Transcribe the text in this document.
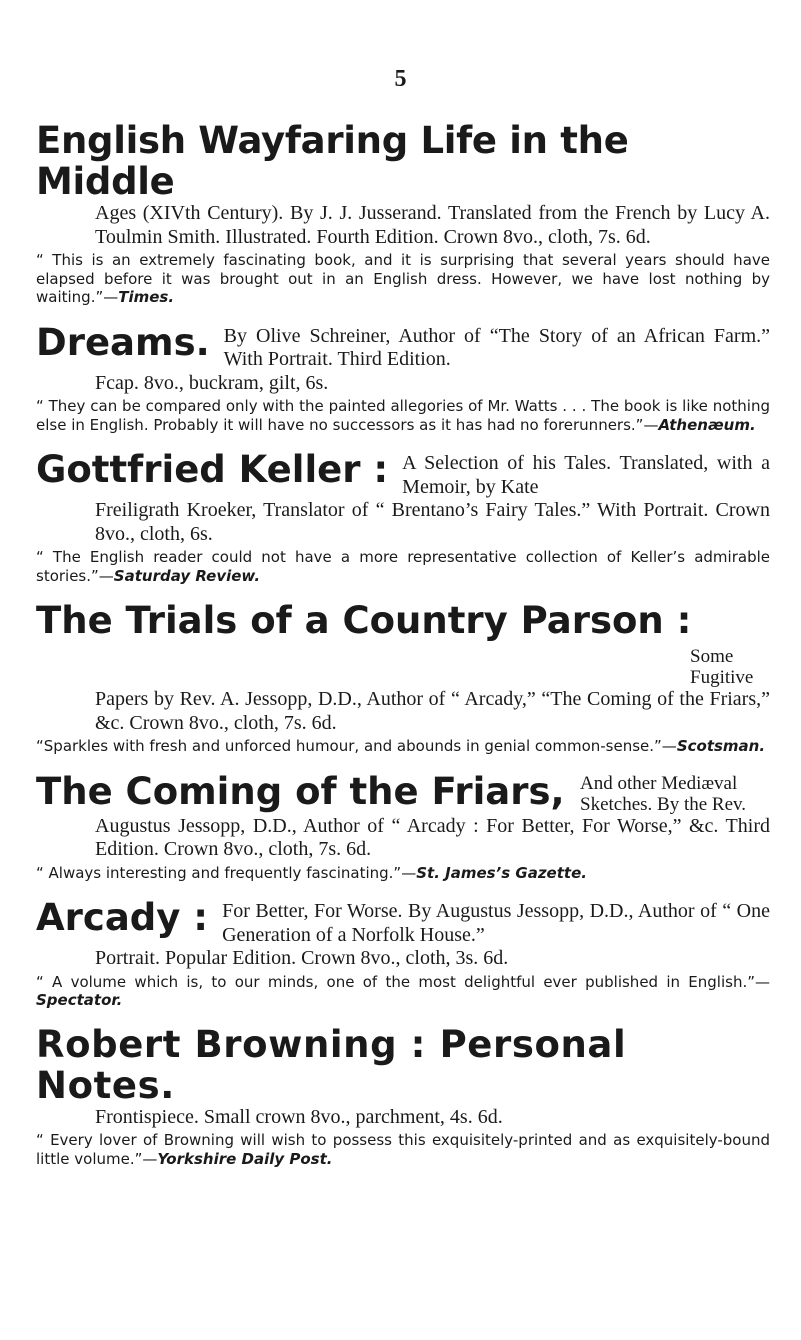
5
English Wayfaring Life in the Middle
Ages (XIVth Century). By J. J. Jusserand. Translated from the French by Lucy A. Toulmin Smith. Illustrated. Fourth Edition. Crown 8vo., cloth, 7s. 6d.
“ This is an extremely fascinating book, and it is surprising that several years should have elapsed before it was brought out in an English dress. However, we have lost nothing by waiting.”—Times.
Dreams. By Olive Schreiner, Author of “The Story of an African Farm.” With Portrait. Third Edition.
Fcap. 8vo., buckram, gilt, 6s.
“ They can be compared only with the painted allegories of Mr. Watts . . . The book is like nothing else in English. Probably it will have no successors as it has had no forerunners.”—Athenæum.
Gottfried Keller : A Selection of his Tales. Translated, with a Memoir, by Kate
Freiligrath Kroeker, Translator of “ Brentano’s Fairy Tales.” With Portrait. Crown 8vo., cloth, 6s.
“ The English reader could not have a more representative collection of Keller’s admirable stories.”—Saturday Review.
The Trials of a Country Parson :
Some Fugitive
Papers by Rev. A. Jessopp, D.D., Author of “ Arcady,” “The Coming of the Friars,” &c. Crown 8vo., cloth, 7s. 6d.
“Sparkles with fresh and unforced humour, and abounds in genial common-sense.”—Scotsman.
The Coming of the Friars, And other Mediæval Sketches. By the Rev.
Augustus Jessopp, D.D., Author of “ Arcady : For Better, For Worse,” &c. Third Edition. Crown 8vo., cloth, 7s. 6d.
“ Always interesting and frequently fascinating.”—St. James’s Gazette.
Arcady : For Better, For Worse. By Augustus Jessopp, D.D., Author of “ One Generation of a Norfolk House.”
Portrait. Popular Edition. Crown 8vo., cloth, 3s. 6d.
“ A volume which is, to our minds, one of the most delightful ever published in English.”—Spectator.
Robert Browning : Personal Notes.
Frontispiece. Small crown 8vo., parchment, 4s. 6d.
“ Every lover of Browning will wish to possess this exquisitely-printed and as exquisitely-bound little volume.”—Yorkshire Daily Post.
